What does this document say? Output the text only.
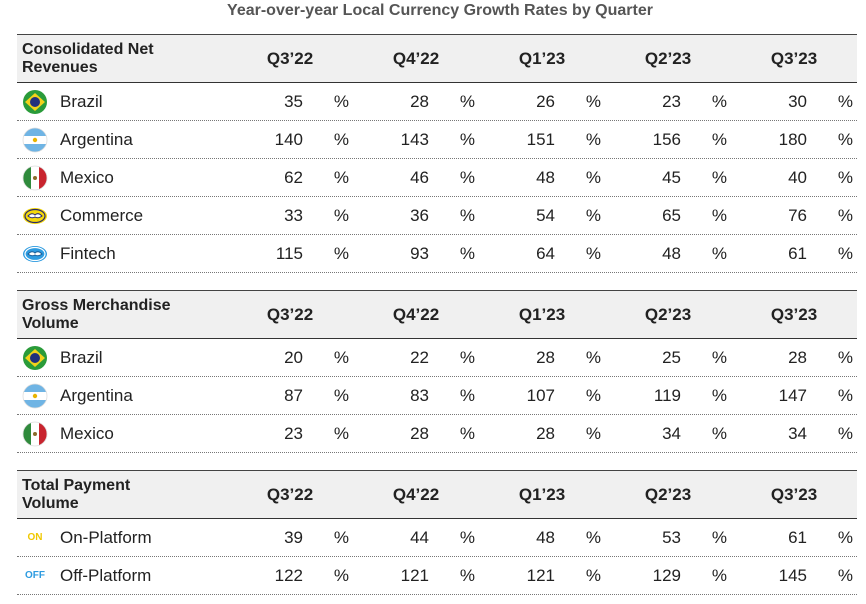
Year-over-year Local Currency Growth Rates by Quarter
Consolidated Net
Revenues	Q3’22	Q4’22	Q1’23	Q2’23	Q3’23
Brazil	35	%	28	%	26	%	23	%	30	%
Argentina	140	%	143	%	151	%	156	%	180	%
Mexico	62	%	46	%	48	%	45	%	40	%
Commerce	33	%	36	%	54	%	65	%	76	%
Fintech	115	%	93	%	64	%	48	%	61	%
Gross Merchandise
Volume	Q3’22	Q4’22	Q1’23	Q2’23	Q3’23
Brazil	20	%	22	%	28	%	25	%	28	%
Argentina	87	%	83	%	107	%	119	%	147	%
Mexico	23	%	28	%	28	%	34	%	34	%
Total Payment
Volume	Q3’22	Q4’22	Q1’23	Q2’23	Q3’23
ON	On-Platform	39	%	44	%	48	%	53	%	61	%
OFF Off-Platform	122	%	121	%	121	%	129	%	145	%
